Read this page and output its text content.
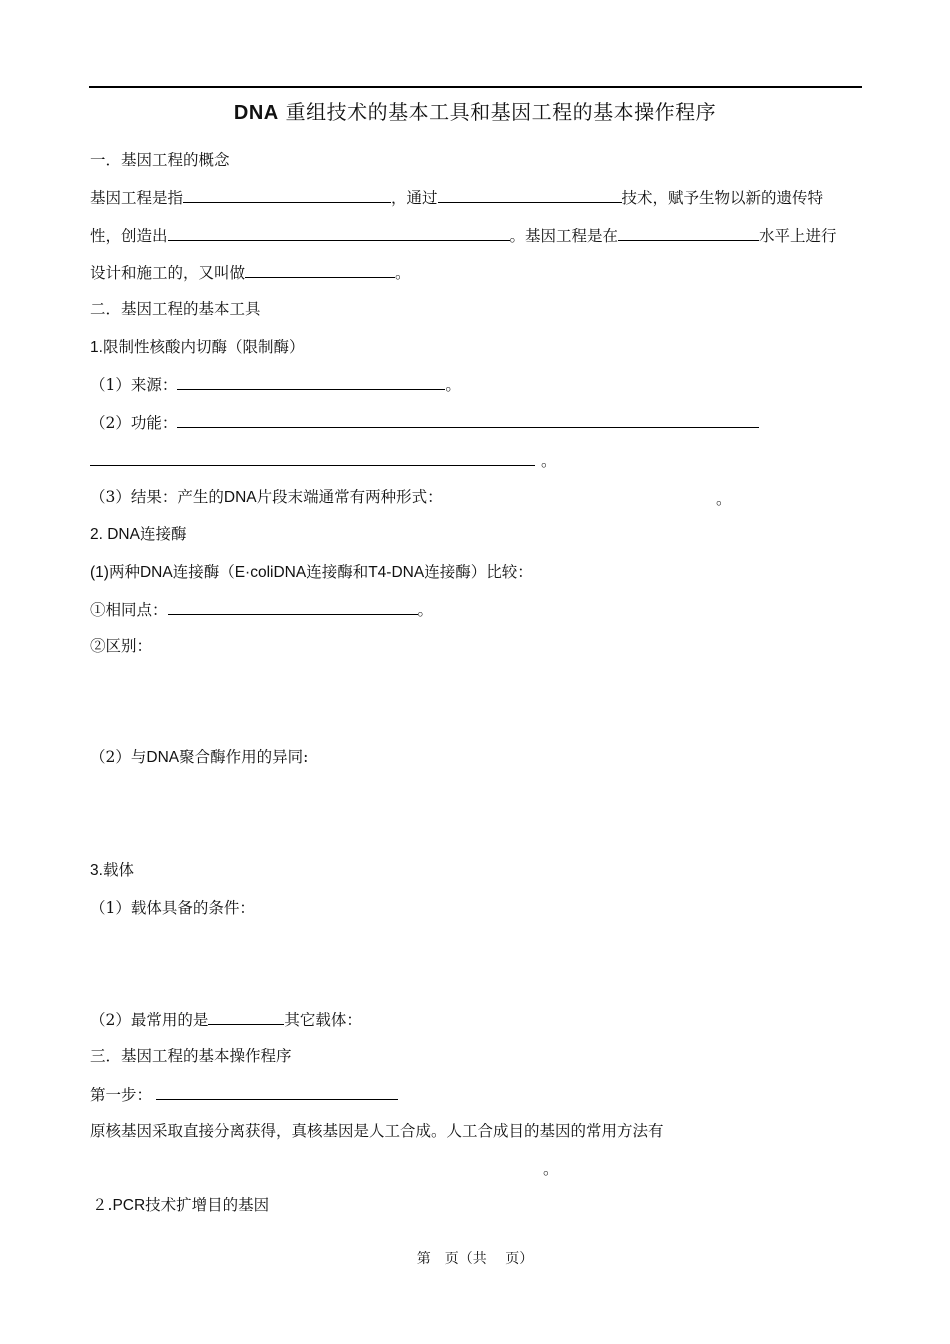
DNA 重组技术的基本工具和基因工程的基本操作程序
一．基因工程的概念
基因工程是指	，通过	技术，赋予生物以新的遗传特
性，创造出	。基因工程是在	水平上进行
设计和施工的，又叫做	。
二．基因工程的基本工具
1.限制性核酸内切酶（限制酶）
（1）来源：	。
（2）功能：
。
（3）结果：产生的DNA片段末端通常有两种形式：	。
2. DNA连接酶
(1)两种DNA连接酶（E·coliDNA连接酶和T4-DNA连接酶）比较：
①相同点：	。
②区别：
（2）与DNA聚合酶作用的异同:
3.载体
（1）载体具备的条件：
（2）最常用的是	其它载体：
三．基因工程的基本操作程序
第一步：
原核基因采取直接分离获得，真核基因是人工合成。人工合成目的基因的常用方法有
。
２.PCR技术扩增目的基因
第　页（共　 页）
